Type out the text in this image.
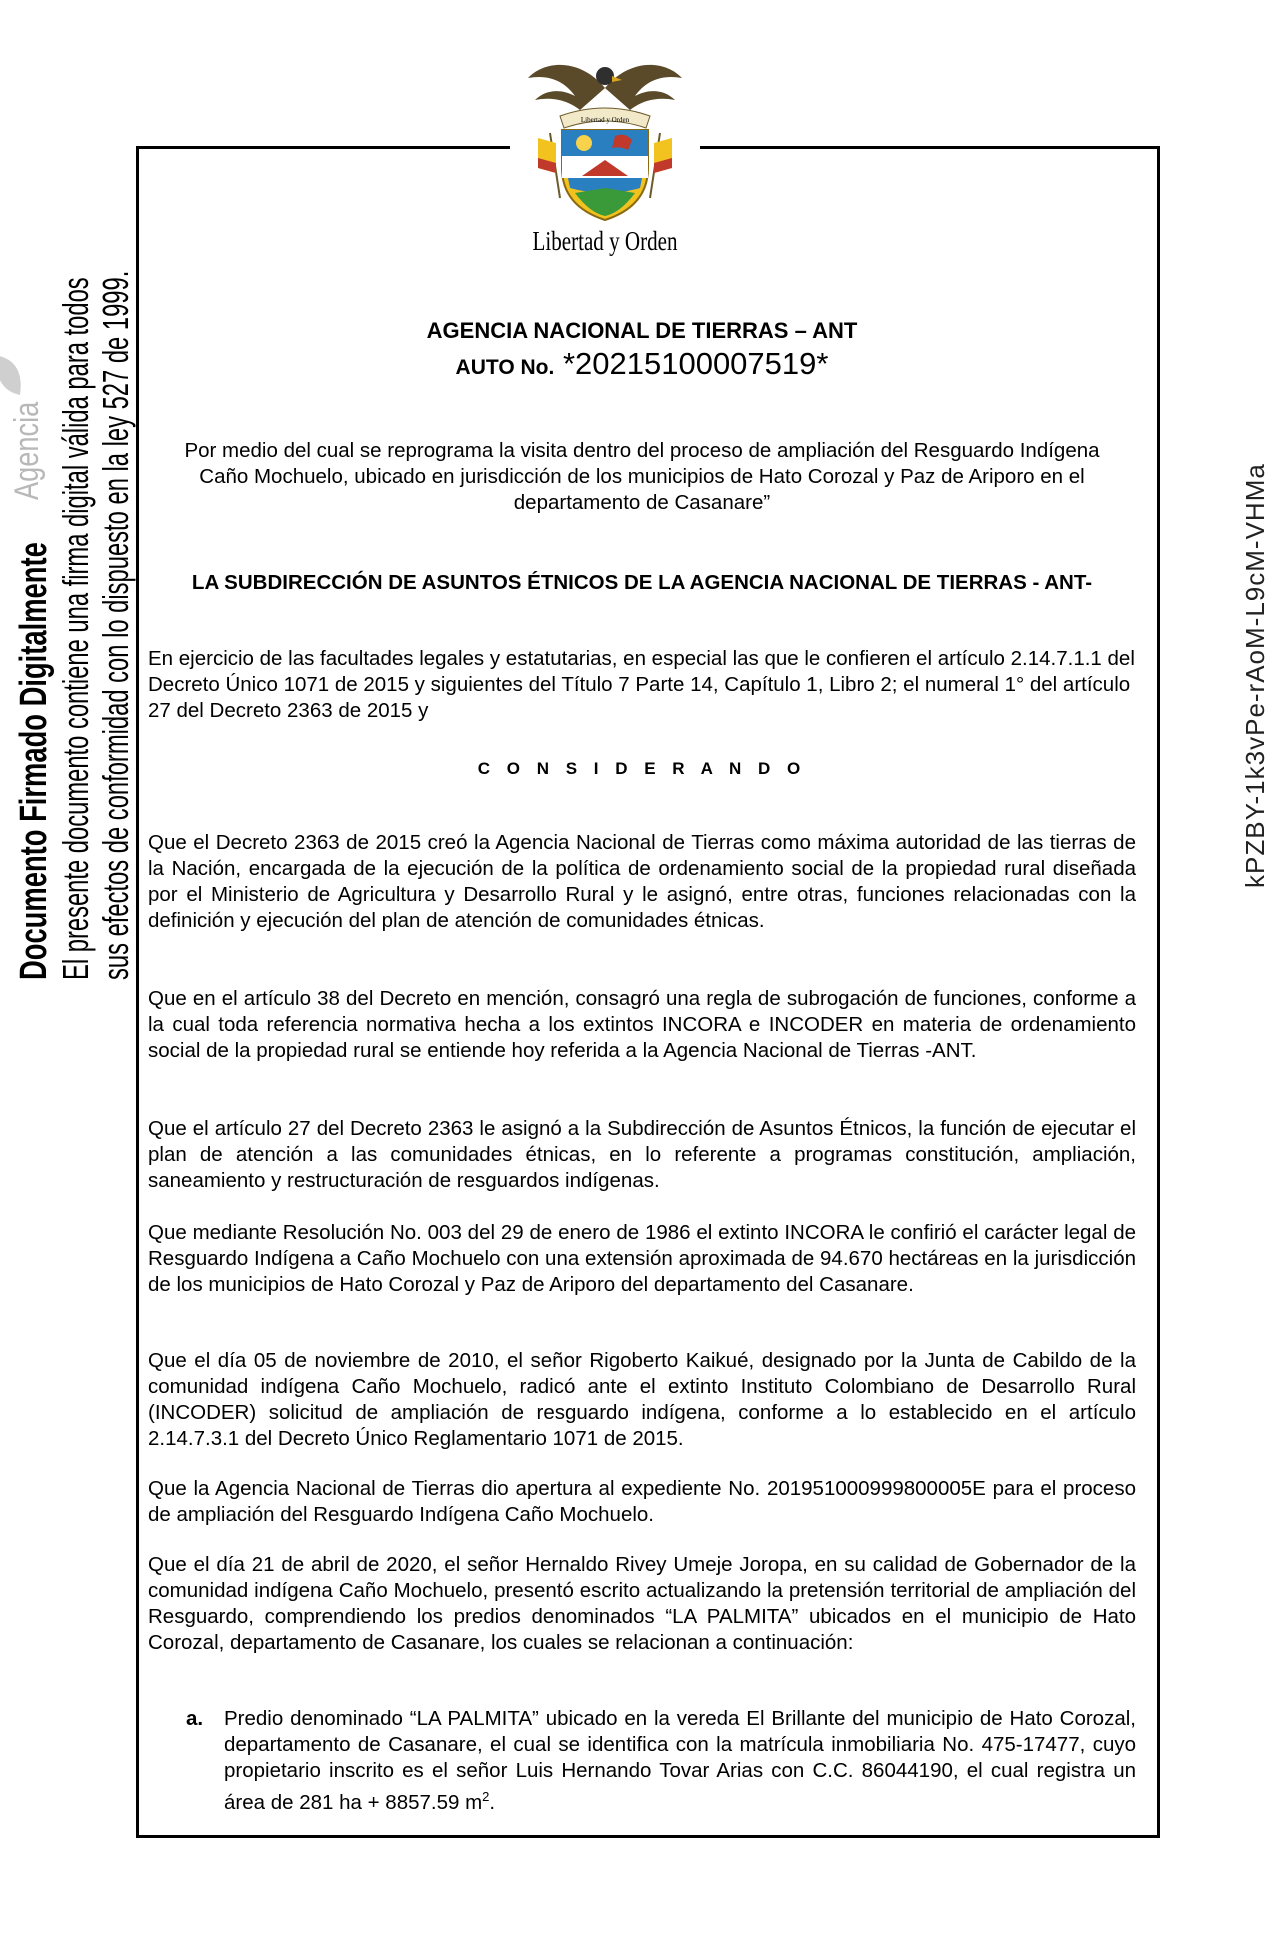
Libertad y Orden
Libertad y Orden
Documento Firmado Digitalmente El presente documento contiene una firma digital válida para todos sus efectos de conformidad con lo dispuesto en la ley 527 de 1999.
Agencia
kPZBY-1k3vPe-rAoM-L9cM-VHMa
AGENCIA NACIONAL DE TIERRAS – ANT
AUTO No. *20215100007519*

Por medio del cual se reprograma la visita dentro del proceso de ampliación del Resguardo Indígena Caño Mochuelo, ubicado en jurisdicción de los municipios de Hato Corozal y Paz de Ariporo en el departamento de Casanare”

LA SUBDIRECCIÓN DE ASUNTOS ÉTNICOS DE LA AGENCIA NACIONAL DE TIERRAS - ANT-

En ejercicio de las facultades legales y estatutarias, en especial las que le confieren el artículo 2.14.7.1.1 del Decreto Único 1071 de 2015 y siguientes del Título 7 Parte 14, Capítulo 1, Libro 2; el numeral 1° del artículo 27 del Decreto 2363 de 2015 y

C O N S I D E R A N D O

Que el Decreto 2363 de 2015 creó la Agencia Nacional de Tierras como máxima autoridad de las tierras de la Nación, encargada de la ejecución de la política de ordenamiento social de la propiedad rural diseñada por el Ministerio de Agricultura y Desarrollo Rural y le asignó, entre otras, funciones relacionadas con la definición y ejecución del plan de atención de comunidades étnicas.

Que en el artículo 38 del Decreto en mención, consagró una regla de subrogación de funciones, conforme a la cual toda referencia normativa hecha a los extintos INCORA e INCODER en materia de ordenamiento social de la propiedad rural se entiende hoy referida a la Agencia Nacional de Tierras -ANT.

Que el artículo 27 del Decreto 2363 le asignó a la Subdirección de Asuntos Étnicos, la función de ejecutar el plan de atención a las comunidades étnicas, en lo referente a programas constitución, ampliación, saneamiento y restructuración de resguardos indígenas.

Que mediante Resolución No. 003 del 29 de enero de 1986 el extinto INCORA le confirió el carácter legal de Resguardo Indígena a Caño Mochuelo con una extensión aproximada de 94.670 hectáreas en la jurisdicción de los municipios de Hato Corozal y Paz de Ariporo del departamento del Casanare.

Que el día 05 de noviembre de 2010, el señor Rigoberto Kaikué, designado por la Junta de Cabildo de la comunidad indígena Caño Mochuelo, radicó ante el extinto Instituto Colombiano de Desarrollo Rural (INCODER) solicitud de ampliación de resguardo indígena, conforme a lo establecido en el artículo 2.14.7.3.1 del Decreto Único Reglamentario 1071 de 2015.

Que la Agencia Nacional de Tierras dio apertura al expediente No. 201951000999800005E para el proceso de ampliación del Resguardo Indígena Caño Mochuelo.

Que el día 21 de abril de 2020, el señor Hernaldo Rivey Umeje Joropa, en su calidad de Gobernador de la comunidad indígena Caño Mochuelo, presentó escrito actualizando la pretensión territorial de ampliación del Resguardo, comprendiendo los predios denominados “LA PALMITA” ubicados en el municipio de Hato Corozal, departamento de Casanare, los cuales se relacionan a continuación:

a. Predio denominado “LA PALMITA” ubicado en la vereda El Brillante del municipio de Hato Corozal, departamento de Casanare, el cual se identifica con la matrícula inmobiliaria No. 475-17477, cuyo propietario inscrito es el señor Luis Hernando Tovar Arias con C.C. 86044190, el cual registra un área de 281 ha + 8857.59 $m^2$.
